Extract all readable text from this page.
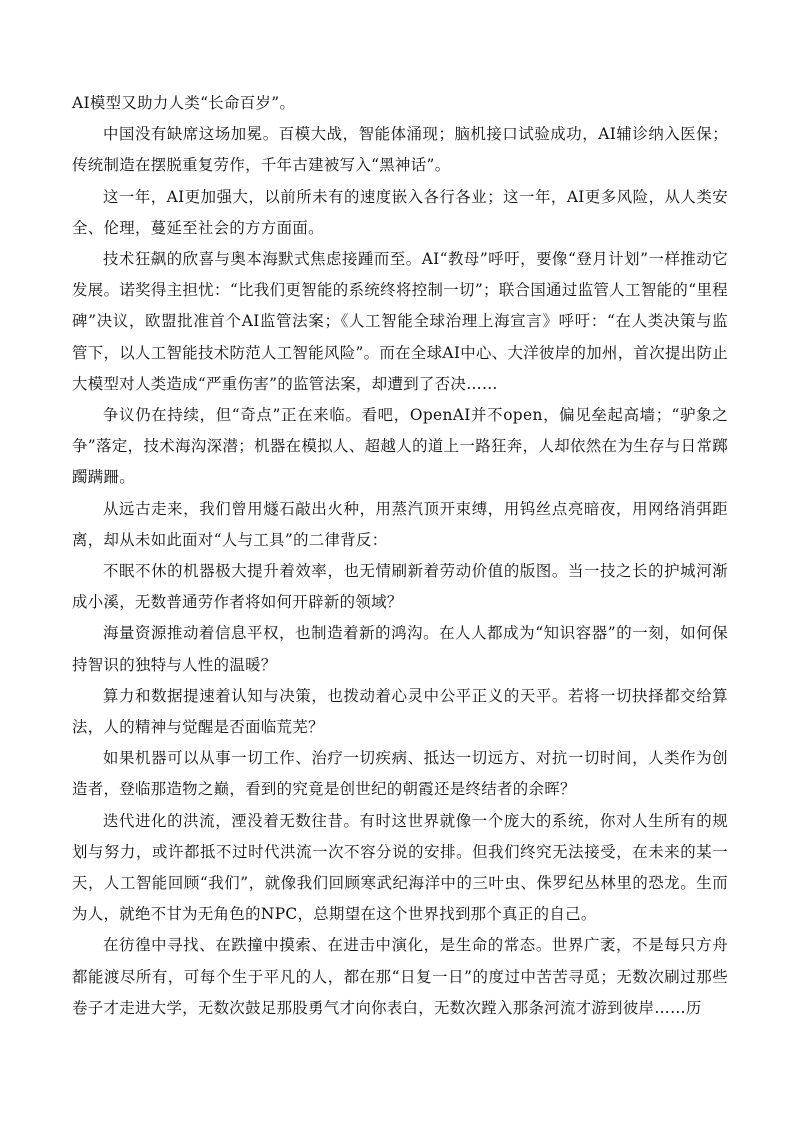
AI模型又助力人类“长命百岁”。

中国没有缺席这场加冕。百模大战，智能体涌现；脑机接口试验成功，AI辅诊纳入医保；传统制造在摆脱重复劳作，千年古建被写入“黑神话”。

这一年，AI更加强大，以前所未有的速度嵌入各行各业；这一年，AI更多风险，从人类安全、伦理，蔓延至社会的方方面面。

技术狂飙的欣喜与奥本海默式焦虑接踵而至。AI“教母”呼吁，要像“登月计划”一样推动它发展。诺奖得主担忧：“比我们更智能的系统终将控制一切”；联合国通过监管人工智能的“里程碑”决议，欧盟批准首个AI监管法案；《人工智能全球治理上海宣言》呼吁：“在人类决策与监管下，以人工智能技术防范人工智能风险”。而在全球AI中心、大洋彼岸的加州，首次提出防止大模型对人类造成“严重伤害”的监管法案，却遭到了否决……

争议仍在持续，但“奇点”正在来临。看吧，OpenAI并不open，偏见垒起高墙；“驴象之争”落定，技术海沟深潜；机器在模拟人、超越人的道上一路狂奔，人却依然在为生存与日常踯躅蹒跚。

从远古走来，我们曾用燧石敲出火种，用蒸汽顶开束缚，用钨丝点亮暗夜，用网络消弭距离，却从未如此面对“人与工具”的二律背反：

不眠不休的机器极大提升着效率，也无情刷新着劳动价值的版图。当一技之长的护城河渐成小溪，无数普通劳作者将如何开辟新的领域？

海量资源推动着信息平权，也制造着新的鸿沟。在人人都成为“知识容器”的一刻，如何保持智识的独特与人性的温暖？

算力和数据提速着认知与决策，也拨动着心灵中公平正义的天平。若将一切抉择都交给算法，人的精神与觉醒是否面临荒芜？

如果机器可以从事一切工作、治疗一切疾病、抵达一切远方、对抗一切时间，人类作为创造者，登临那造物之巅，看到的究竟是创世纪的朝霞还是终结者的余晖？

迭代进化的洪流，湮没着无数往昔。有时这世界就像一个庞大的系统，你对人生所有的规划与努力，或许都抵不过时代洪流一次不容分说的安排。但我们终究无法接受，在未来的某一天，人工智能回顾“我们”，就像我们回顾寒武纪海洋中的三叶虫、侏罗纪丛林里的恐龙。生而为人，就绝不甘为无角色的NPC，总期望在这个世界找到那个真正的自己。

在彷徨中寻找、在跌撞中摸索、在进击中演化，是生命的常态。世界广袤，不是每只方舟都能渡尽所有，可每个生于平凡的人，都在那“日复一日”的度过中苦苦寻觅；无数次刷过那些卷子才走进大学，无数次鼓足那股勇气才向你表白，无数次蹚入那条河流才游到彼岸……历
